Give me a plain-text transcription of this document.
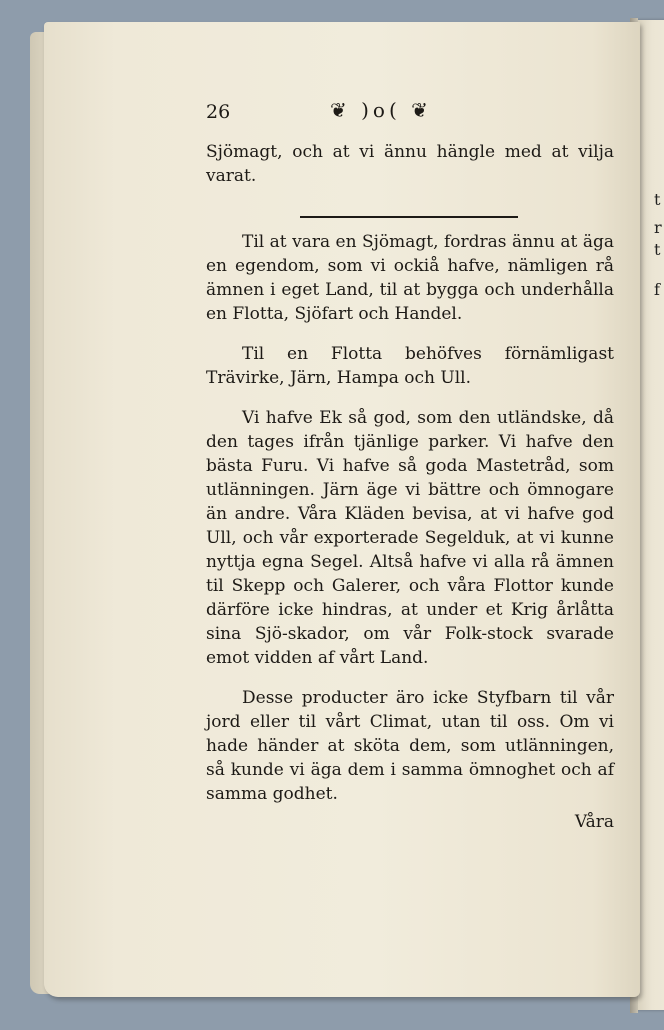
t
r
t
f
26	❦ )o( ❦

Sjömagt, och at vi ännu hängle med at vilja varat.

Til at vara en Sjömagt, fordras ännu at äga en egendom, som vi ockiå hafve, nämligen rå ämnen i eget Land, til at bygga och underhålla en Flotta, Sjöfart och Handel.

Til en Flotta behöfves förnämligast Trävirke, Järn, Hampa och Ull.

Vi hafve Ek så god, som den utländske, då den tages ifrån tjänlige parker. Vi hafve den bästa Furu. Vi hafve så goda Mastetråd, som utlänningen. Järn äge vi bättre och ömnogare än andre. Våra Kläden bevisa, at vi hafve god Ull, och vår exporterade Segelduk, at vi kunne nyttja egna Segel. Altså hafve vi alla rå ämnen til Skepp och Galerer, och våra Flottor kunde därföre icke hindras, at under et Krig årlåtta sina Sjö-skador, om vår Folk-stock svarade emot vidden af vårt Land.

Desse producter äro icke Styfbarn til vår jord eller til vårt Climat, utan til oss. Om vi hade händer at sköta dem, som utlänningen, så kunde vi äga dem i samma ömnoghet och af samma godhet.

Våra
